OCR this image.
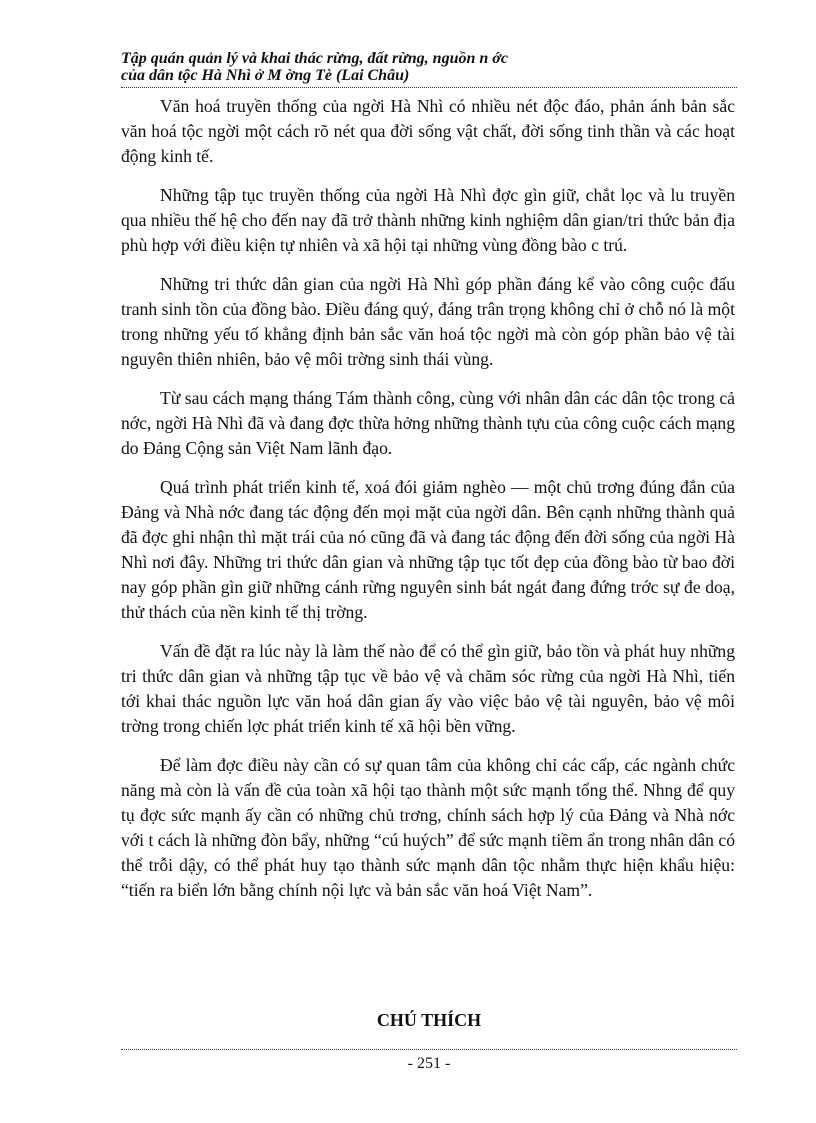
Tập quán quản lý và khai thác rừng, đất rừng, nguồn n ớc
của dân tộc Hà Nhì ở M ờng Tè (Lai Châu)

Văn hoá truyền thống của ngời Hà Nhì có nhiều nét độc đáo, phản ánh bản sắc văn hoá tộc ngời một cách rõ nét qua đời sống vật chất, đời sống tinh thần và các hoạt động kinh tế.

Những tập tục truyền thống của ngời Hà Nhì đợc gìn giữ, chắt lọc và lu truyền qua nhiều thế hệ cho đến nay đã trở thành những kinh nghiệm dân gian/tri thức bản địa phù hợp với điều kiện tự nhiên và xã hội tại những vùng đồng bào c trú.

Những tri thức dân gian của ngời Hà Nhì góp phần đáng kể vào công cuộc đấu tranh sinh tồn của đồng bào. Điều đáng quý, đáng trân trọng không chỉ ở chỗ nó là một trong những yếu tố khẳng định bản sắc văn hoá tộc ngời mà còn góp phần bảo vệ tài nguyên thiên nhiên, bảo vệ môi trờng sinh thái vùng.

Từ sau cách mạng tháng Tám thành công, cùng với nhân dân các dân tộc trong cả nớc, ngời Hà Nhì đã và đang đợc thừa hởng những thành tựu của công cuộc cách mạng do Đảng Cộng sản Việt Nam lãnh đạo.

Quá trình phát triển kinh tế, xoá đói giảm nghèo — một chủ trơng đúng đắn của Đảng và Nhà nớc đang tác động đến mọi mặt của ngời dân. Bên cạnh những thành quả đã đợc ghi nhận thì mặt trái của nó cũng đã và đang tác động đến đời sống của ngời Hà Nhì nơi đây. Những tri thức dân gian và những tập tục tốt đẹp của đồng bào từ bao đời nay góp phần gìn giữ những cánh rừng nguyên sinh bát ngát đang đứng trớc sự đe doạ, thử thách của nền kinh tế thị trờng.

Vấn đề đặt ra lúc này là làm thế nào để có thể gìn giữ, bảo tồn và phát huy những tri thức dân gian và những tập tục về bảo vệ và chăm sóc rừng của ngời Hà Nhì, tiến tới khai thác nguồn lực văn hoá dân gian ấy vào việc bảo vệ tài nguyên, bảo vệ môi trờng trong chiến lợc phát triển kinh tế xã hội bền vững.

Để làm đợc điều này cần có sự quan tâm của không chỉ các cấp, các ngành chức năng mà còn là vấn đề của toàn xã hội tạo thành một sức mạnh tổng thể. Nhng để quy tụ đợc sức mạnh ấy cần có những chủ trơng, chính sách hợp lý của Đảng và Nhà nớc với t cách là những đòn bẩy, những “cú huých” để sức mạnh tiềm ẩn trong nhân dân có thể trỗi dậy, có thể phát huy tạo thành sức mạnh dân tộc nhằm thực hiện khẩu hiệu: “tiến ra biển lớn bằng chính nội lực và bản sắc văn hoá Việt Nam”.

CHÚ THÍCH
- 251 -
